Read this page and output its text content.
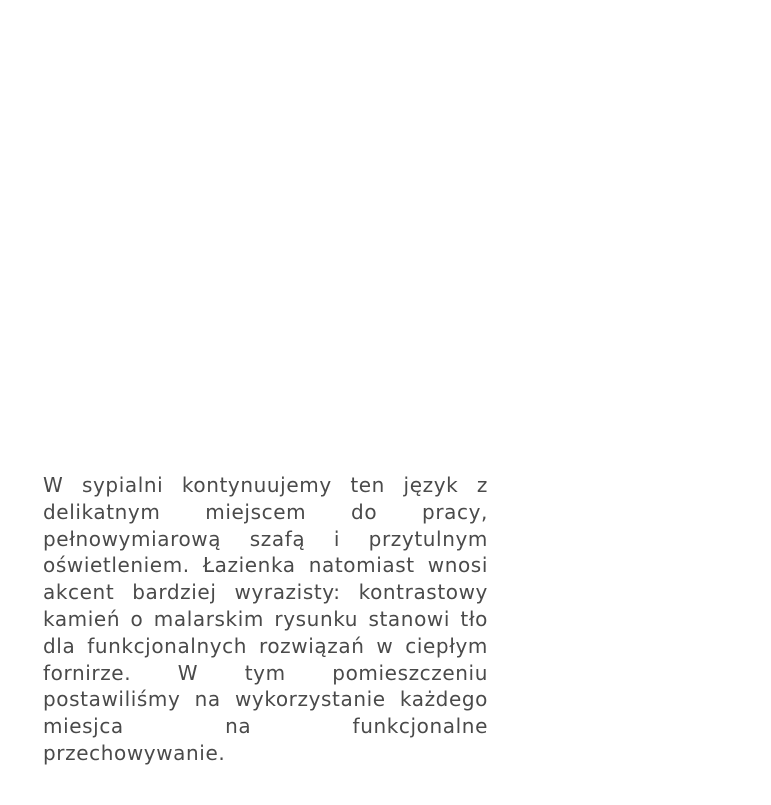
W sypialni kontynuujemy ten język z delikatnym miejscem do pracy, pełnowymiarową szafą i przytulnym oświetleniem. Łazienka natomiast wnosi akcent bardziej wyrazisty: kontrastowy kamień o malarskim rysunku stanowi tło dla funkcjonalnych rozwiązań w ciepłym fornirze. W tym pomieszczeniu postawiliśmy na wykorzystanie każdego miesjca na funkcjonalne przechowywanie.
